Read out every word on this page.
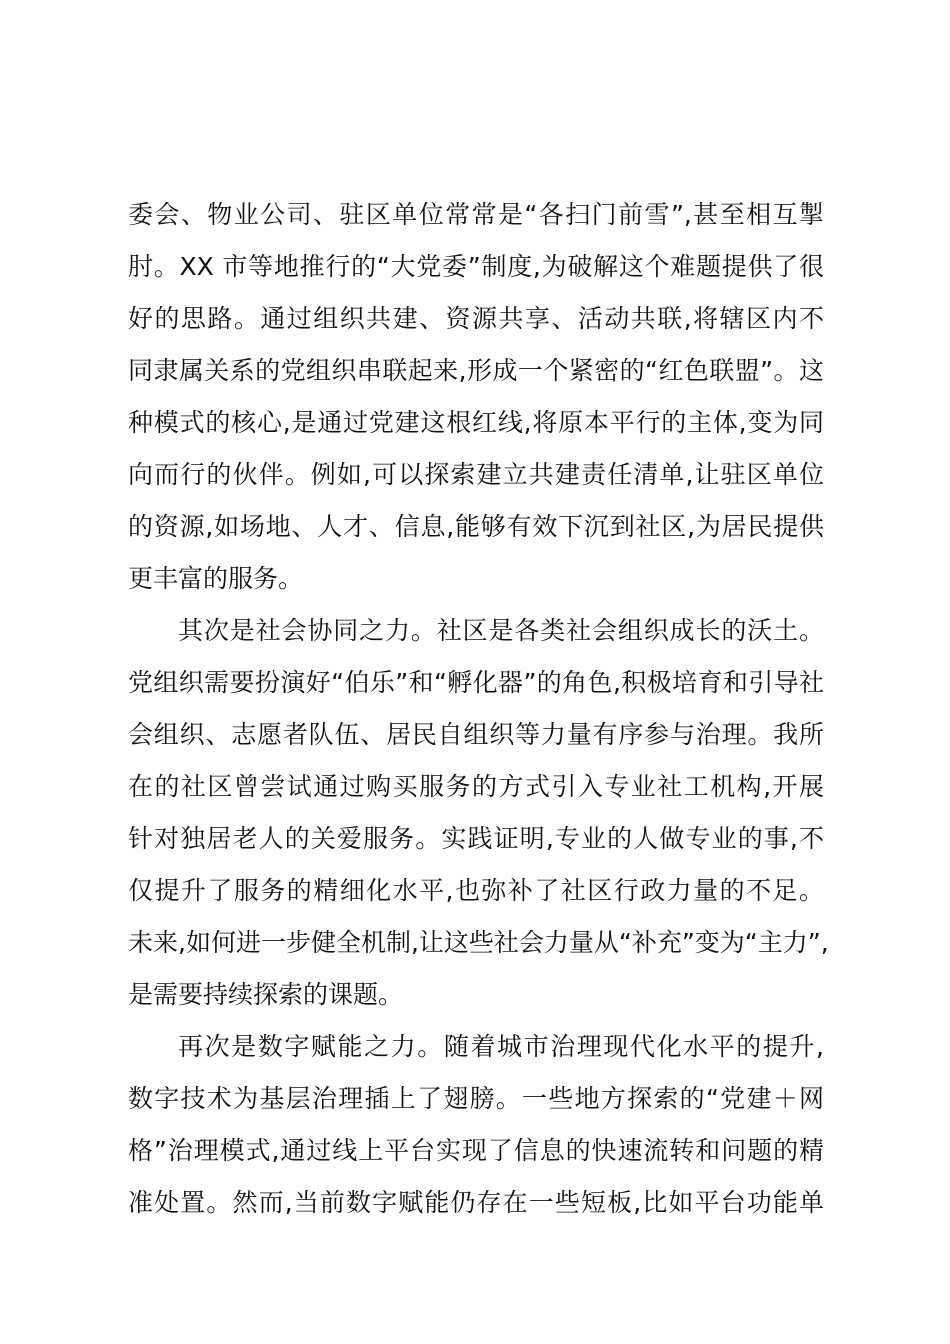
委会、物业公司、驻区单位常常是“各扫门前雪”,甚至相互掣
肘。XX 市等地推行的“大党委”制度,为破解这个难题提供了很
好的思路。通过组织共建、资源共享、活动共联,将辖区内不
同隶属关系的党组织串联起来,形成一个紧密的“红色联盟”。这
种模式的核心,是通过党建这根红线,将原本平行的主体,变为同
向而行的伙伴。例如,可以探索建立共建责任清单,让驻区单位
的资源,如场地、人才、信息,能够有效下沉到社区,为居民提供
更丰富的服务。
其次是社会协同之力。社区是各类社会组织成长的沃土。
党组织需要扮演好“伯乐”和“孵化器”的角色,积极培育和引导社
会组织、志愿者队伍、居民自组织等力量有序参与治理。我所
在的社区曾尝试通过购买服务的方式引入专业社工机构,开展
针对独居老人的关爱服务。实践证明,专业的人做专业的事,不
仅提升了服务的精细化水平,也弥补了社区行政力量的不足。
未来,如何进一步健全机制,让这些社会力量从“补充”变为“主力”,
是需要持续探索的课题。
再次是数字赋能之力。随着城市治理现代化水平的提升,
数字技术为基层治理插上了翅膀。一些地方探索的“党建＋网
格”治理模式,通过线上平台实现了信息的快速流转和问题的精
准处置。然而,当前数字赋能仍存在一些短板,比如平台功能单
